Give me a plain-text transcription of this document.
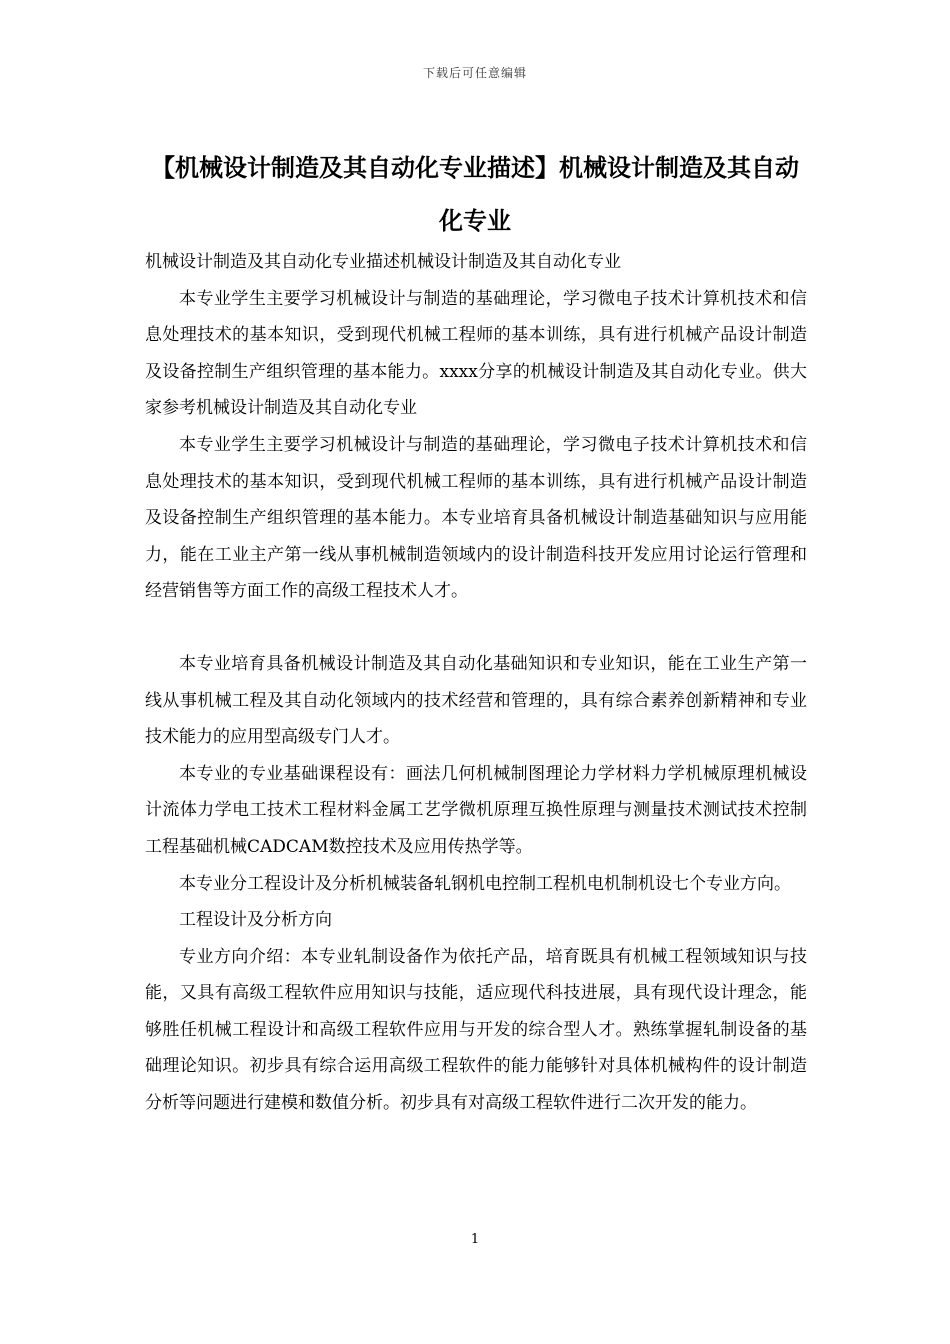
下载后可任意编辑
【机械设计制造及其自动化专业描述】机械设计制造及其自动化专业

机械设计制造及其自动化专业描述机械设计制造及其自动化专业

本专业学生主要学习机械设计与制造的基础理论，学习微电子技术计算机技术和信息处理技术的基本知识，受到现代机械工程师的基本训练，具有进行机械产品设计制造及设备控制生产组织管理的基本能力。xxxx分享的机械设计制造及其自动化专业。供大家参考机械设计制造及其自动化专业

本专业学生主要学习机械设计与制造的基础理论，学习微电子技术计算机技术和信息处理技术的基本知识，受到现代机械工程师的基本训练，具有进行机械产品设计制造及设备控制生产组织管理的基本能力。本专业培育具备机械设计制造基础知识与应用能力，能在工业主产第一线从事机械制造领域内的设计制造科技开发应用讨论运行管理和经营销售等方面工作的高级工程技术人才。

本专业培育具备机械设计制造及其自动化基础知识和专业知识，能在工业生产第一线从事机械工程及其自动化领域内的技术经营和管理的，具有综合素养创新精神和专业技术能力的应用型高级专门人才。

本专业的专业基础课程设有：画法几何机械制图理论力学材料力学机械原理机械设计流体力学电工技术工程材料金属工艺学微机原理互换性原理与测量技术测试技术控制工程基础机械CADCAM数控技术及应用传热学等。

本专业分工程设计及分析机械装备轧钢机电控制工程机电机制机设七个专业方向。

工程设计及分析方向

专业方向介绍：本专业轧制设备作为依托产品，培育既具有机械工程领域知识与技能，又具有高级工程软件应用知识与技能，适应现代科技进展，具有现代设计理念，能够胜任机械工程设计和高级工程软件应用与开发的综合型人才。熟练掌握轧制设备的基础理论知识。初步具有综合运用高级工程软件的能力能够针对具体机械构件的设计制造分析等问题进行建模和数值分析。初步具有对高级工程软件进行二次开发的能力。

1
